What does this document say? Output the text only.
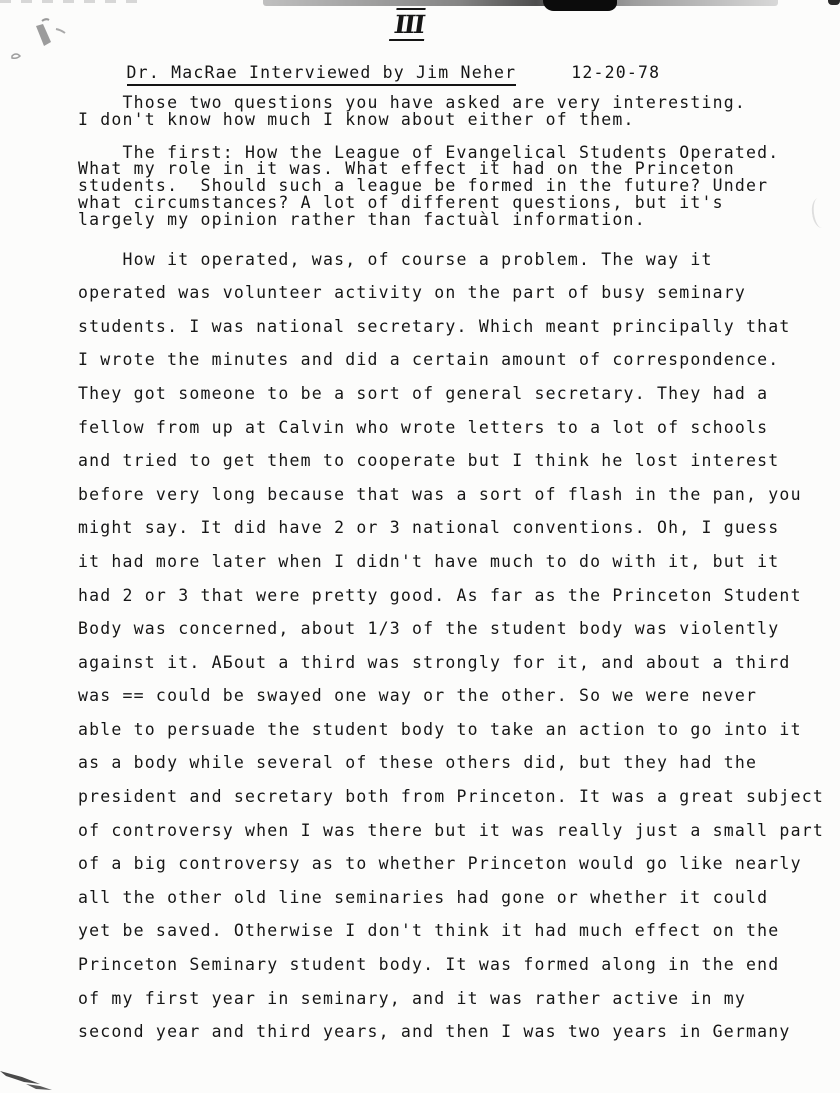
III

Dr. MacRae Interviewed by Jim Neher	12-20-78

Those two questions you have asked are very interesting.
I don't know how much I know about either of them.
The first: How the League of Evangelical Students Operated.
What my role in it was. What effect it had on the Princeton
students.  Should such a league be formed in the future? Under
what circumstances? A lot of different questions, but it's
largely my opinion rather than factuàl information.
How it operated, was, of course a problem. The way it
operated was volunteer activity on the part of busy seminary
students. I was national secretary. Which meant principally that
I wrote the minutes and did a certain amount of correspondence.
They got someone to be a sort of general secretary. They had a
fellow from up at Calvin who wrote letters to a lot of schools
and tried to get them to cooperate but I think he lost interest
before very long because that was a sort of flash in the pan, you
might say. It did have 2 or 3 national conventions. Oh, I guess
it had more later when I didn't have much to do with it, but it
had 2 or 3 that were pretty good. As far as the Princeton Student
Body was concerned, about 1/3 of the student body was violently
against it. AƂout a third was strongly for it, and about a third
was == could be swayed one way or the other. So we were never
able to persuade the student body to take an action to go into it
as a body while several of these others did, but they had the
president and secretary both from Princeton. It was a great subject
of controversy when I was there but it was really just a small part
of a big controversy as to whether Princeton would go like nearly
all the other old line seminaries had gone or whether it could
yet be saved. Otherwise I don't think it had much effect on the
Princeton Seminary student body. It was formed along in the end
of my first year in seminary, and it was rather active in my
second year and third years, and then I was two years in Germany
